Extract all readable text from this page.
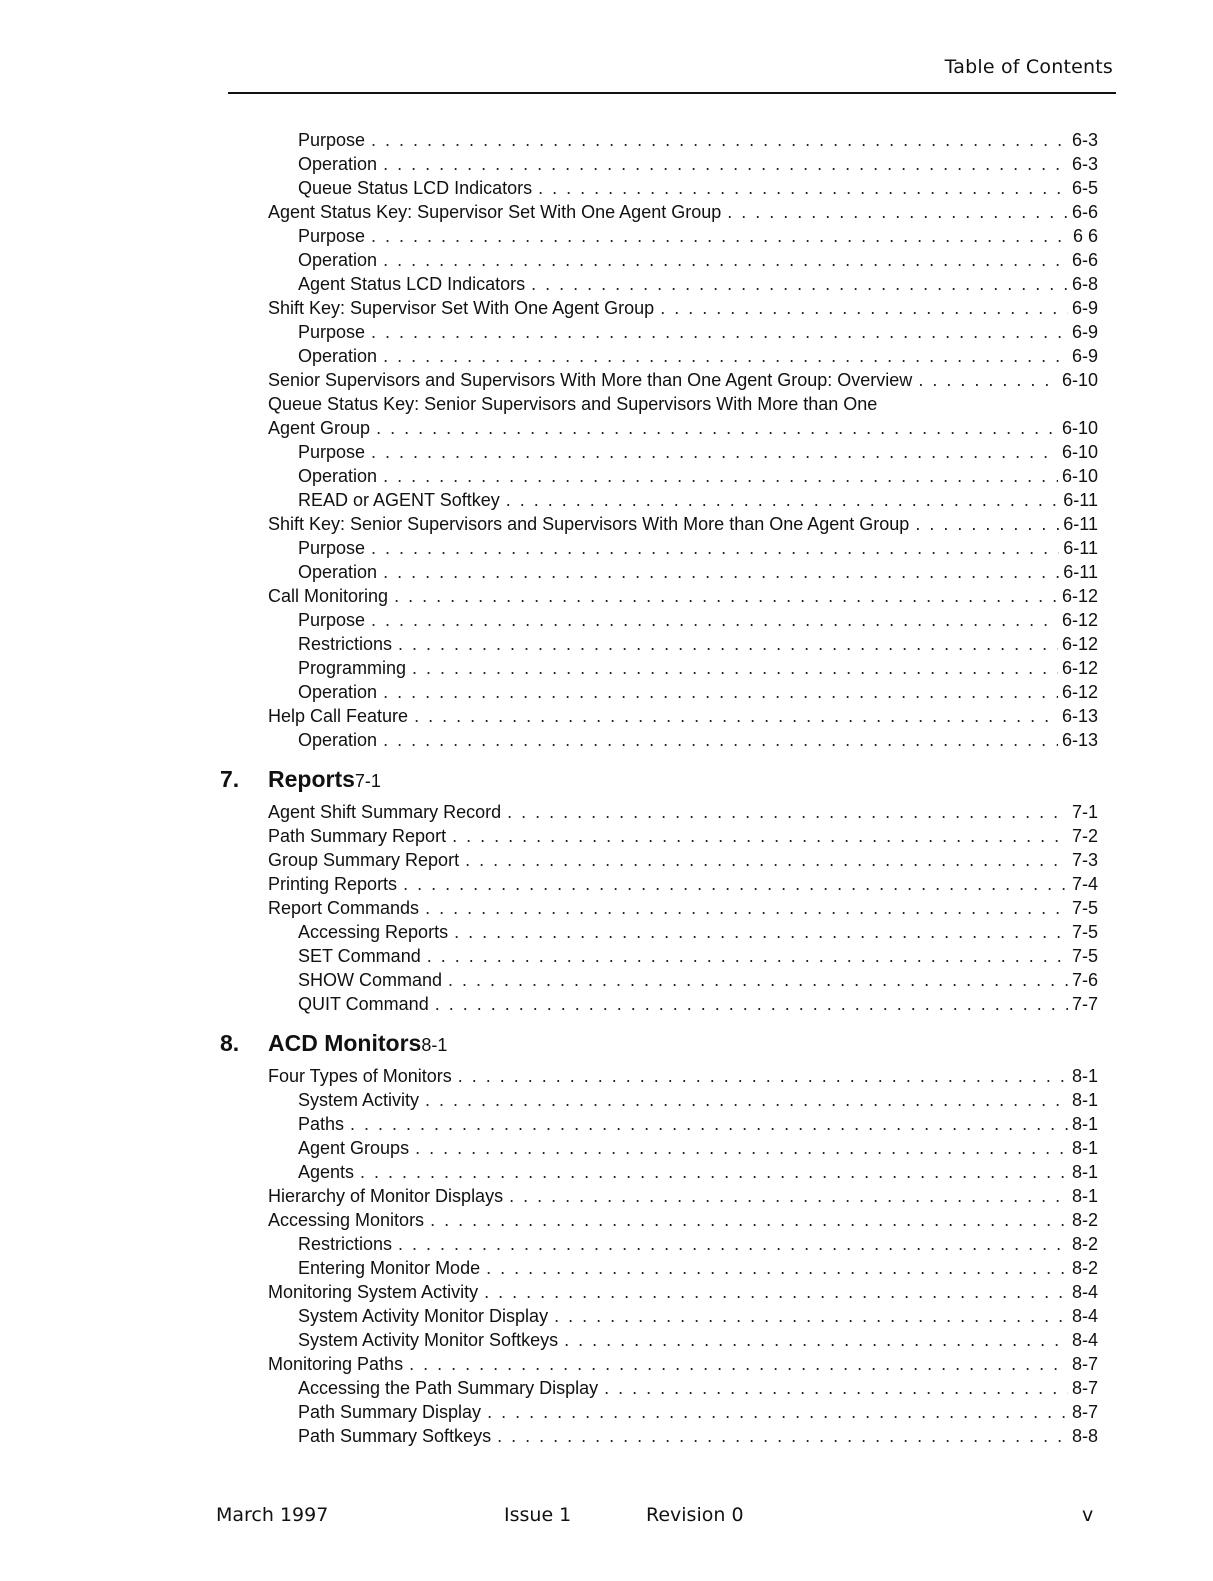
Table of Contents
Purpose . . .	6-3
Operation . . .	6-3
Queue Status LCD Indicators . . .	6-5
Agent Status Key: Supervisor Set With One Agent Group . . .	6-6
Purpose . . .	6 6
Operation . . .	6-6
Agent Status LCD Indicators . . .	6-8
Shift Key: Supervisor Set With One Agent Group . . .	6-9
Purpose . . .	6-9
Operation . . .	6-9
Senior Supervisors and Supervisors With More than One Agent Group: Overview . . .	6-10
Queue Status Key: Senior Supervisors and Supervisors With More than One
Agent Group . . .	6-10
Purpose . . .	6-10
Operation . . .	6-10
READ or AGENT Softkey . . .	6-11
Shift Key: Senior Supervisors and Supervisors With More than One Agent Group . . .	6-11
Purpose . . .	6-11
Operation . . .	6-11
Call Monitoring . . .	6-12
Purpose . . .	6-12
Restrictions . . .	6-12
Programming . . .	6-12
Operation . . .	6-12
Help Call Feature . . .	6-13
Operation . . .	6-13
7. Reports 7-1
Agent Shift Summary Record . . .	7-1
Path Summary Report . . .	7-2
Group Summary Report . . .	7-3
Printing Reports . . .	7-4
Report Commands . . .	7-5
Accessing Reports . . .	7-5
SET Command . . .	7-5
SHOW Command . . .	7-6
QUIT Command . . .	7-7
8. ACD Monitors 8-1
Four Types of Monitors . . .	8-1
System Activity . . .	8-1
Paths . . .	8-1
Agent Groups . . .	8-1
Agents . . .	8-1
Hierarchy of Monitor Displays . . .	8-1
Accessing Monitors . . .	8-2
Restrictions . . .	8-2
Entering Monitor Mode . . .	8-2
Monitoring System Activity . . .	8-4
System Activity Monitor Display . . .	8-4
System Activity Monitor Softkeys . . .	8-4
Monitoring Paths . . .	8-7
Accessing the Path Summary Display . . .	8-7
Path Summary Display . . .	8-7
Path Summary Softkeys . . .	8-8
March 1997	Issue 1	Revision 0	v
